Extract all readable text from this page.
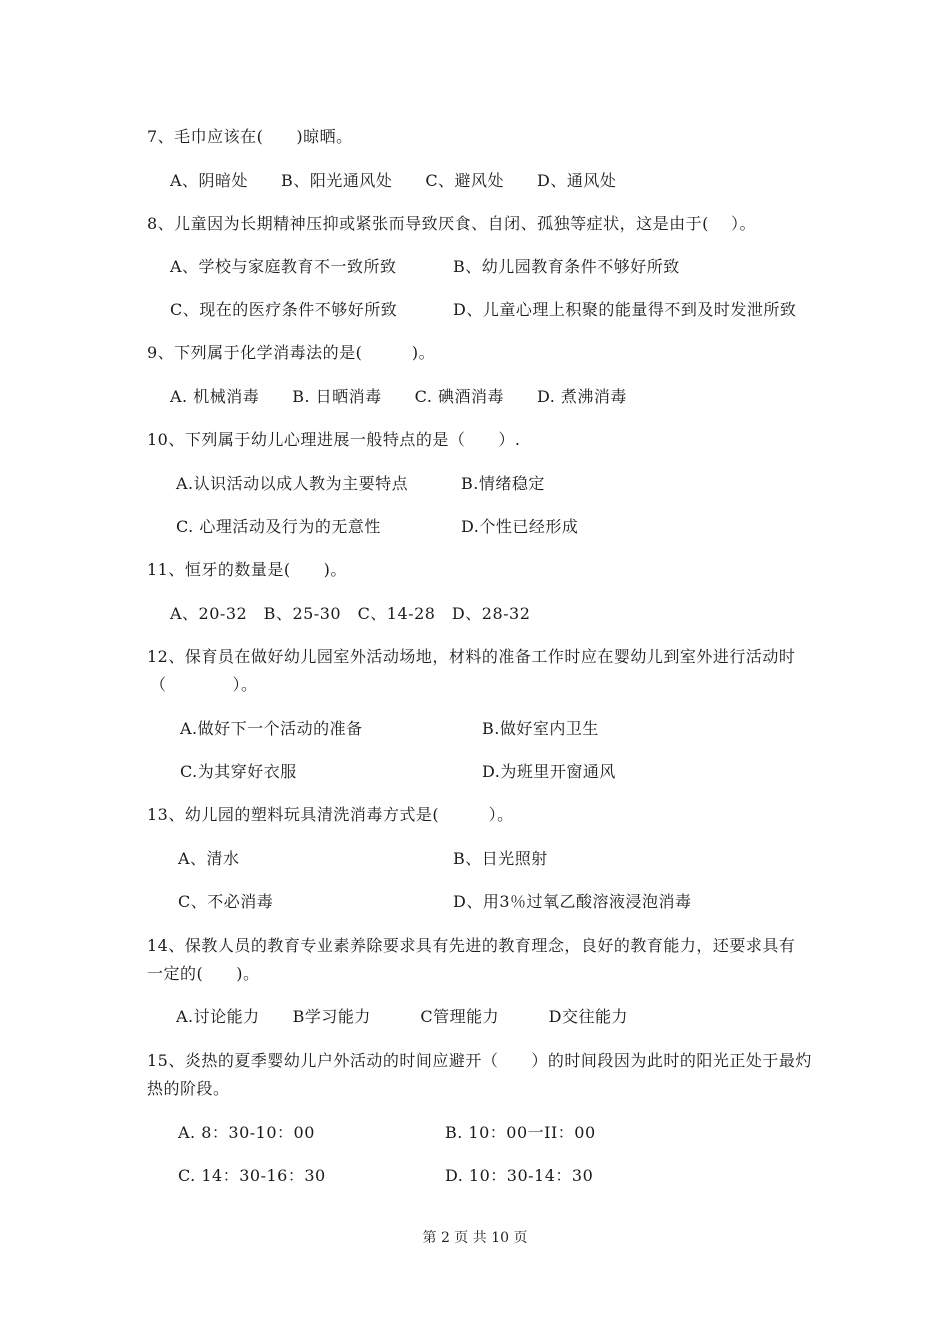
7、毛巾应该在(　　)晾晒。
A、阴暗处　　B、阳光通风处　　C、避风处　　D、通风处
8、儿童因为长期精神压抑或紧张而导致厌食、自闭、孤独等症状，这是由于(　 ）。
A、学校与家庭教育不一致所致	B、幼儿园教育条件不够好所致
C、现在的医疗条件不够好所致	D、儿童心理上积聚的能量得不到及时发泄所致
9、下列属于化学消毒法的是(　　　)。
A. 机械消毒　　B. 日晒消毒　　C. 碘酒消毒　　D. 煮沸消毒
10、下列属于幼儿心理进展一般特点的是（　　）.
A.认识活动以成人教为主要特点	B.情绪稳定
C. 心理活动及行为的无意性	D.个性已经形成
11、恒牙的数量是(　　)。
A、20-32　B、25-30　C、14-28　D、28-32
12、保育员在做好幼儿园室外活动场地，材料的准备工作时应在婴幼儿到室外进行活动时
（　　　　）。
A.做好下一个活动的准备	B.做好室内卫生
C.为其穿好衣服	D.为班里开窗通风
13、幼儿园的塑料玩具清洗消毒方式是(　　　）。
A、清水	B、日光照射
C、不必消毒	D、用3％过氧乙酸溶液浸泡消毒
14、保教人员的教育专业素养除要求具有先进的教育理念，良好的教育能力，还要求具有
一定的(　　)。
A.讨论能力　　B学习能力　　　C管理能力　　　D交往能力
15、炎热的夏季婴幼儿户外活动的时间应避开（　　）的时间段因为此时的阳光正处于最灼
热的阶段。
A. 8：30-10：00	B. 10：00一II：00
C. 14：30-16：30	D. 10：30-14：30
第 2 页 共 10 页
